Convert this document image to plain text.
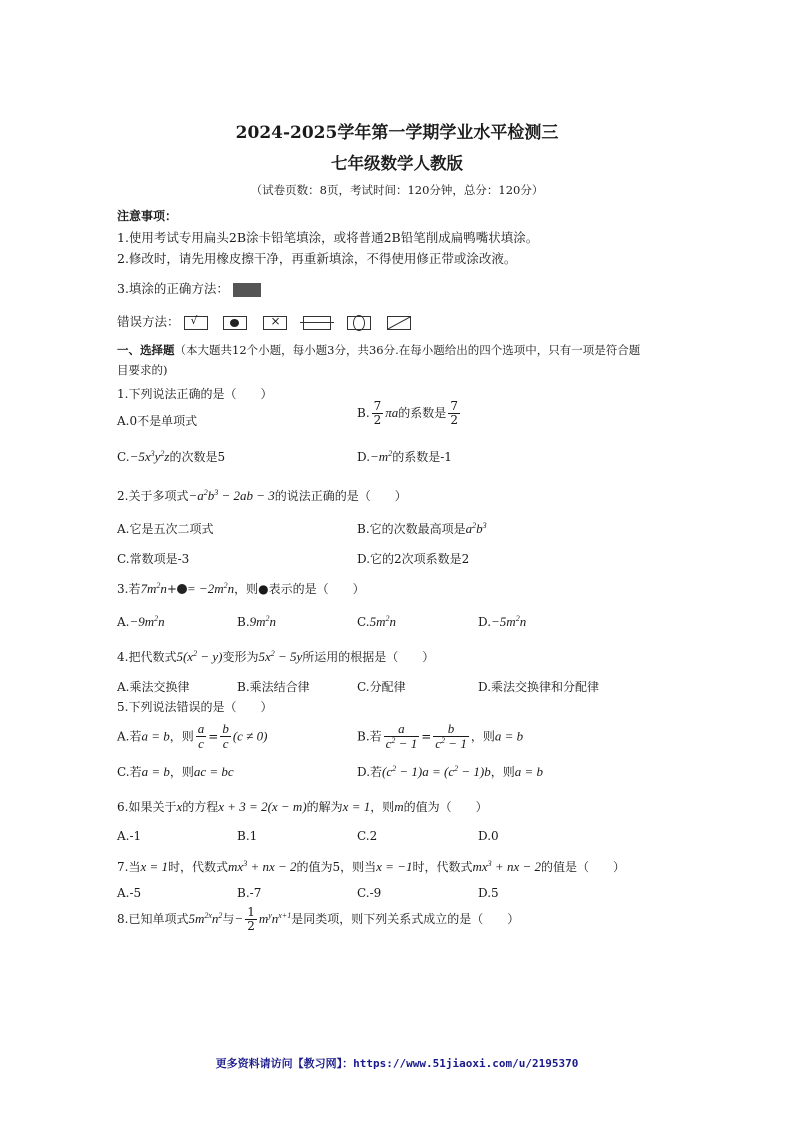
2024-2025学年第一学期学业水平检测三
七年级数学人教版
（试卷页数：8页，考试时间：120分钟，总分：120分）
注意事项：
1.使用考试专用扁头2B涂卡铅笔填涂，或将普通2B铅笔削成扁鸭嘴状填涂。
2.修改时，请先用橡皮擦干净，再重新填涂，不得使用修正带或涂改液。
3.填涂的正确方法：
错误方法： √

	×

一、选择题（本大题共12个小题，每小题3分，共36分.在每小题给出的四个选项中，只有一项是符合题
目要求的)
1.下列说法正确的是（　　）
A.0不是单项式
B. $\frac{7}{2}$ πa的系数是 $\frac{7}{2}$
$C.-5x^3y^2z$的次数是5	$D.-m^2$的系数是-1
2.关于多项式$-a^2b^3 - 2ab - 3$的说法正确的是（　　）
A.它是五次二项式	B.它的次数最高项是$a^2b^3$
C.常数项是-3	D.它的2次项系数是2
3.若$7m^2n+ = -2m^2n$，则●表示的是（　　）
$A.-9m^2n$	$B.9m^2n$	$C.5m^2n$	$D.-5m^2n$
4.把代数式$5(x^2 - y)$变形为$5x^2 - 5y$所运用的根据是（　　）
A.乘法交换律	B.乘法结合律	C.分配律	D.乘法交换律和分配律
5.下列说法错误的是（　　）
A.若a = b，则 $\frac{a}{c} = \frac{b}{c} (c \ne 0)$	B.若 $\frac{a}{c^2 - 1} = \frac{b}{c^2 - 1}$ ，则a = b
C.若a = b，则ac = bc	D.若$(c^2 - 1)a = (c^2 - 1)b$，则a = b
6.如果关于x的方程x + 3 = 2(x − m)的解为x = 1，则m的值为（　　）
A.-1	B.1	C.2	D.0
7.当x = 1时，代数式$mx^3$ + nx − 2的值为5，则当x = −1时，代数式$mx^3$ + nx − 2的值是（　　）
A.-5	B.-7	C.-9	D.5
8.已知单项式$5m^{2x}n^2$与− $\frac{1}{2} m^yn^{x+1}$是同类项，则下列关系式成立的是（　　）
更多资料请访问【教习网】：https://www.51jiaoxi.com/u/2195370
